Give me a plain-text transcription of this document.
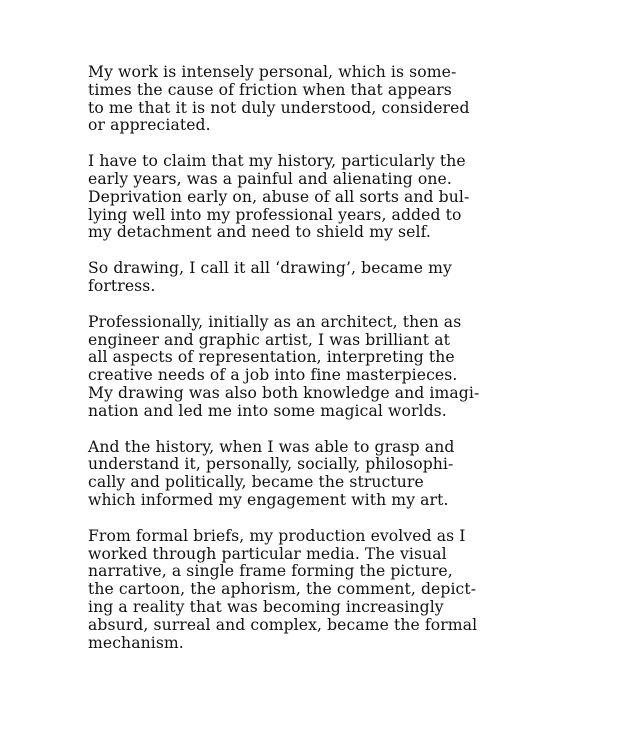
My work is intensely personal, which is some-
times the cause of friction when that appears
to me that it is not duly understood, considered
or appreciated.

I have to claim that my history, particularly the
early years, was a painful and alienating one.
Deprivation early on, abuse of all sorts and bul-
lying well into my professional years, added to
my detachment and need to shield my self.

So drawing, I call it all ‘drawing’, became my
fortress.

Professionally, initially as an architect, then as
engineer and graphic artist, I was brilliant at
all aspects of representation, interpreting the
creative needs of a job into fine masterpieces.
My drawing was also both knowledge and imagi-
nation and led me into some magical worlds.

And the history, when I was able to grasp and
understand it, personally, socially, philosophi-
cally and politically, became the structure
which informed my engagement with my art.

From formal briefs, my production evolved as I
worked through particular media. The visual
narrative, a single frame forming the picture,
the cartoon, the aphorism, the comment, depict-
ing a reality that was becoming increasingly
absurd, surreal and complex, became the formal
mechanism.
